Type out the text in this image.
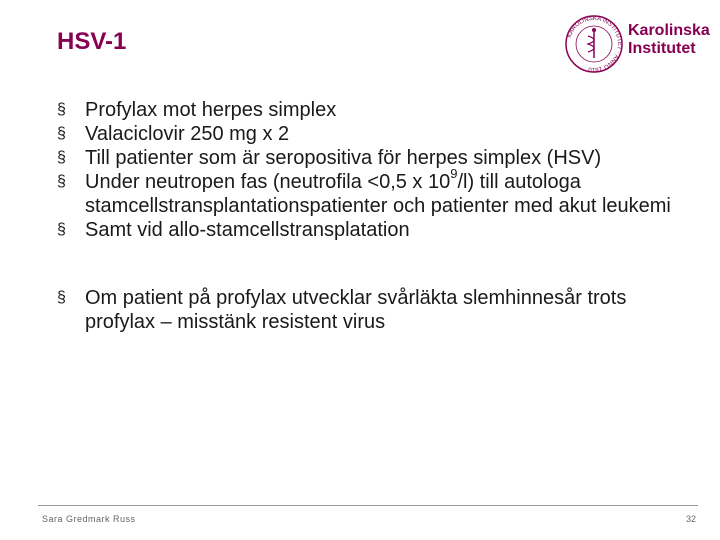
HSV-1	KAROLINSKA INSTITUTET · ANNO 1810
Karolinska
Institutet
§ Profylax mot herpes simplex
§ Valaciclovir 250 mg x 2
§ Till patienter som är seropositiva för herpes simplex (HSV)
§ Under neutropen fas (neutrofila <0,5 x $10^9/l$) till autologa stamcellstransplantationspatienter och patienter med akut leukemi
§ Samt vid allo-stamcellstransplatation
§ Om patient på profylax utvecklar svårläkta slemhinnesår trots profylax – misstänk resistent virus
Sara Gredmark Russ	32
